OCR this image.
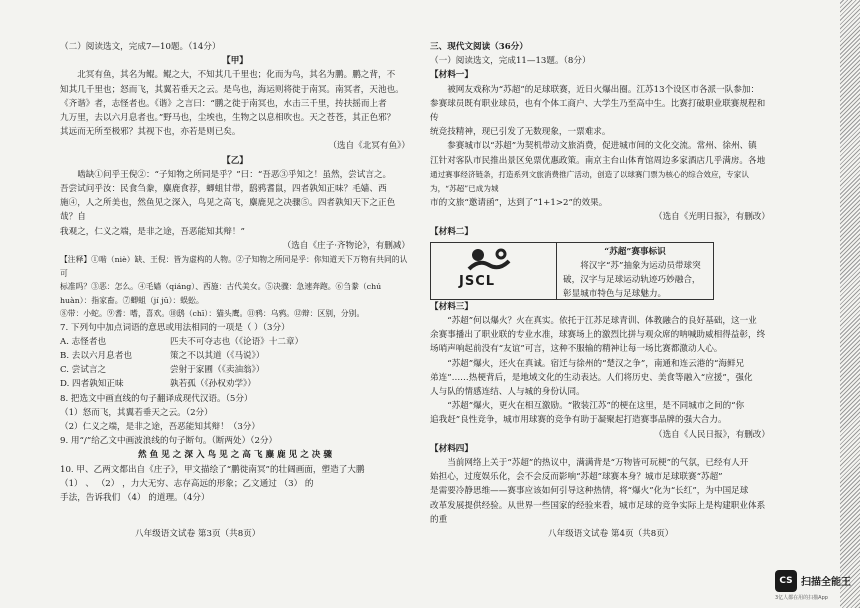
（二）阅读选文，完成7—10题。（14分）

【甲】

北冥有鱼，其名为鲲。鲲之大，不知其几千里也；化而为鸟，其名为鹏。鹏之背，不

知其几千里也；怒而飞，其翼若垂天之云。是鸟也，海运则将徙于南冥。南冥者，天池也。

《齐谐》者，志怪者也。《谐》之言曰：“鹏之徙于南冥也，水击三千里，抟扶摇而上者

九万里，去以六月息者也。”野马也，尘埃也，生物之以息相吹也。天之苍苍，其正色邪？

其远而无所至极邪？其视下也，亦若是则已矣。

（选自《北冥有鱼》）

【乙】

啮缺①问乎王倪②：“子知物之所同是乎？”曰：“吾恶③乎知之！虽然，尝试言之。

吾尝试问乎汝：民食刍豢，麋鹿食荐，蝍蛆甘带，鸱鸦耆鼠，四者孰知正味？毛嫱、西

施④，人之所美也，然鱼见之深入，鸟见之高飞，麋鹿见之决骤⑤。四者孰知天下之正色哉？自

我观之，仁义之端，是非之途，吾恶能知其辩！”

（选自《庄子·齐物论》，有删减）

【注释】①啮（niè）缺、王倪：皆为虚构的人物。②子知物之所同是乎：你知道天下万物有共同的认可

标准吗？③恶：怎么。④毛嫱（qiáng）、西施：古代美女。⑤决骤：急速奔跑。⑥刍豢（chú huàn）：指家畜。⑦蝍蛆（jí jū）：蜈蚣。

⑧带：小蛇。⑨耆：嗜，喜欢。⑩鸱（chī）：猫头鹰。⑪鸦：乌鸦。⑫辩：区别，分别。

7. 下列句中加点词语的意思或用法相同的一项是（ ）（3分）

A. 志怪者也	匹夫不可夺志也（《论语》十二章）
B. 去以六月息者也	策之不以其道（《马说》）
C. 尝试言之	尝射于家圃（《卖油翁》）
D. 四者孰知正味	孰若孤（《孙权劝学》）

8. 把选文中画直线的句子翻译成现代汉语。（5分）

（1）怒而飞，其翼若垂天之云。（2分）

（2）仁义之端，是非之途，吾恶能知其辩！（3分）

9. 用“/”给乙文中画波浪线的句子断句。（断两处）（2分）

然 鱼 见 之 深 入 鸟 见 之 高 飞 麋 鹿 见 之 决 骤

10. 甲、乙两文都出自《庄子》，甲文描绘了“鹏徙南冥”的壮阔画面，塑造了大鹏

（1） 、 （2） ，力大无穷、志存高远的形象；乙文通过 （3） 的

手法，告诉我们 （4） 的道理。（4分）

八年级语文试卷 第3页（共8页）

三、现代文阅读（36分）

（一）阅读选文，完成11—13题。（8分）

【材料一】

被网友戏称为“苏超”的足球联赛，近日火爆出圈。江苏13个设区市各派一队参加：

参赛球员既有职业球员，也有个体工商户、大学生乃至高中生。比赛打破职业联赛规程和传

统竞技精神，现已引发了无数现象，一票难求。

参赛城市以“苏超”为契机带动文旅消费，促进城市间的文化交流。常州、徐州、镇

江针对客队市民推出景区免票优惠政策。南京主台山体育馆周边多家酒店几乎满房。各地

通过赛事经济链条，打造系列文旅消费推广活动，创造了以球赛门票为核心的综合效应，专家认为，“苏超”已成为城

市的文旅“邀请函”，达到了“1+1>2”的效果。

（选自《光明日报》，有删改）

【材料二】

JSCL
“苏超”赛事标识
将汉字“苏”抽象为运动员带球突破，汉字与足球运动轨迹巧妙融合，彰显城市特色与足球魅力。

【材料三】

“苏超”何以爆火？火在真实。依托于江苏足球青训、体教融合的良好基础，这一业

余赛事播出了职业联的专业水准，球赛场上的激烈比拼与观众席的呐喊助威相得益彰，终

场哨声响起前没有“友谊”可言，这种不服输的精神让每一场比赛都激动人心。

“苏超”爆火，还火在真诚。宿迁与徐州的“楚汉之争”，南通和连云港的“海鲜兄

弟连”……热梗背后，是地域文化的生动表达。人们将历史、美食等融入“应援”，强化

人与队的情感连结、人与城的身份认同。

“苏超”爆火，更火在相互激励。“散装江苏”的梗在这里，是不同城市之间的“你

追我赶”良性竞争，城市用球赛的竞争有助于凝聚起打造赛事品牌的强大合力。

（选自《人民日报》，有删改）

【材料四】

当前网络上关于“苏超”的热议中，满满背是“万物皆可玩梗”的气氛，已经有人开

始担心，过度娱乐化，会不会反而影响“苏超”球赛本身？城市足球联赛“苏超”

是需要冷静思维——赛事应该如何引导这种热情，将“爆火”化为“长红”，为中国足球

改革发展提供经验。从世界一些国家的经验来看，城市足球的竞争实际上是构建职业体系的重

八年级语文试卷 第4页（共8页）
CS 扫描全能王
3亿人都在用的扫描App
